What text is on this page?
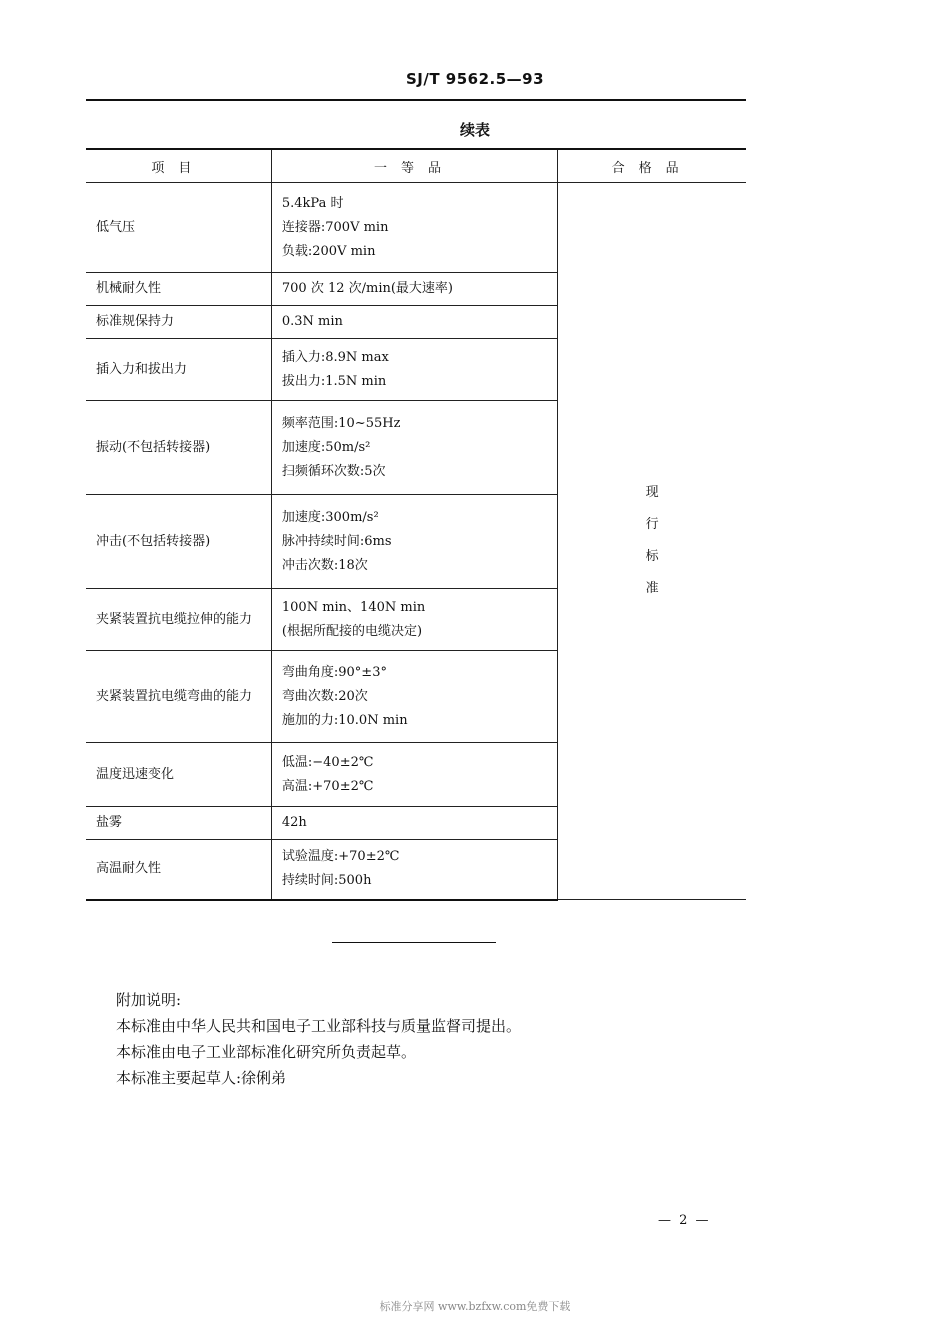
SJ/T 9562.5—93
续表
项目	一等品	合格品
低气压	5.4kPa 时
连接器:700V min
负载:200V min	现行标准
机械耐久性	700 次 12 次/min(最大速率)	

标准规保持力	0.3N min	

插入力和拔出力	插入力:8.9N max
拔出力:1.5N min	

振动(不包括转接器)	频率范围:10~55Hz
加速度:50m/s²
扫频循环次数:5次	

冲击(不包括转接器)	加速度:300m/s²
脉冲持续时间:6ms
冲击次数:18次	

夹紧装置抗电缆拉伸的能力	100N min、140N min
(根据所配接的电缆决定)	

夹紧装置抗电缆弯曲的能力	弯曲角度:90°±3°
弯曲次数:20次
施加的力:10.0N min	

温度迅速变化	低温:−40±2℃
高温:+70±2℃	

盐雾	42h	

高温耐久性	试验温度:+70±2℃
持续时间:500h	
附加说明:
本标准由中华人民共和国电子工业部科技与质量监督司提出。
本标准由电子工业部标准化研究所负责起草。
本标准主要起草人:徐俐弟
— 2 —
标准分享网 www.bzfxw.com免费下载
